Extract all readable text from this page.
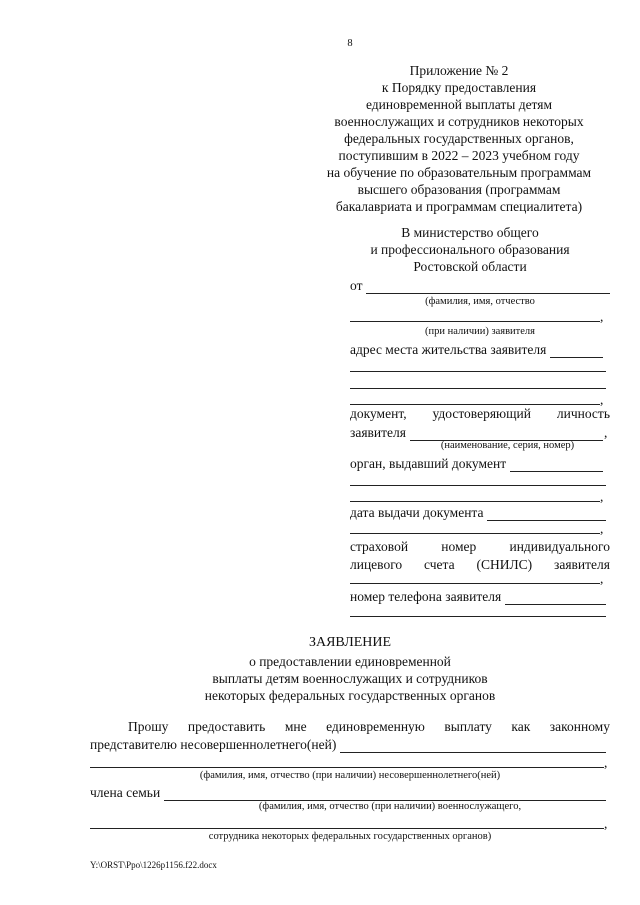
8
Приложение № 2
к Порядку предоставления
единовременной выплаты детям
военнослужащих и сотрудников некоторых
федеральных государственных органов,
поступившим в 2022 – 2023 учебном году
на обучение по образовательным программам
высшего образования (программам
бакалавриата и программам специалитета)
В министерство общего
и профессионального образования
Ростовской области
от
(фамилия, имя, отчество
,
(при наличии) заявителя
адрес места жительства заявителя
,
документ, удостоверяющий личность
заявителя	,
(наименование, серия, номер)
орган, выдавший документ
,
дата выдачи документа
,
страховой номер индивидуального
лицевого счета (СНИЛС) заявителя
,
номер телефона заявителя
ЗАЯВЛЕНИЕ
о предоставлении единовременной
выплаты детям военнослужащих и сотрудников
некоторых федеральных государственных органов
Прошу предоставить мне единовременную выплату как законному
представителю несовершеннолетнего(ней)
,
(фамилия, имя, отчество (при наличии) несовершеннолетнего(ней)
члена семьи
(фамилия, имя, отчество (при наличии) военнослужащего,
,
сотрудника некоторых федеральных государственных органов)
Y:\ORST\Ppo\1226p1156.f22.docx
